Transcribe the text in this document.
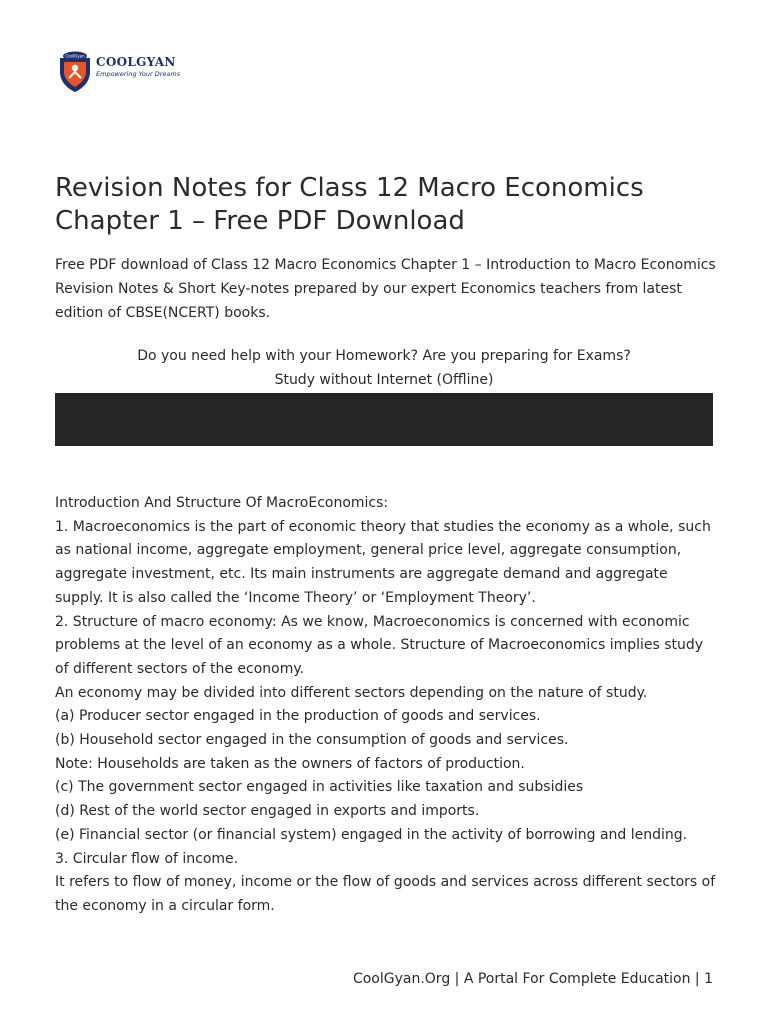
CoolGyan COOLGYAN
Empowering Your Dreams
Revision Notes for Class 12 Macro Economics Chapter 1 – Free PDF Download

Free PDF download of Class 12 Macro Economics Chapter 1 – Introduction to Macro Economics Revision Notes & Short Key-notes prepared by our expert Economics teachers from latest edition of CBSE(NCERT) books.

Do you need help with your Homework? Are you preparing for Exams?

Study without Internet (Offline)

Introduction And Structure Of MacroEconomics:

1. Macroeconomics is the part of economic theory that studies the economy as a whole, such as national income, aggregate employment, general price level, aggregate consumption, aggregate investment, etc. Its main instruments are aggregate demand and aggregate supply. It is also called the ‘Income Theory’ or ‘Employment Theory’.

2. Structure of macro economy: As we know, Macroeconomics is concerned with economic problems at the level of an economy as a whole. Structure of Macroeconomics implies study of different sectors of the economy.

An economy may be divided into different sectors depending on the nature of study.

(a) Producer sector engaged in the production of goods and services.

(b) Household sector engaged in the consumption of goods and services.

Note: Households are taken as the owners of factors of production.

(c) The government sector engaged in activities like taxation and subsidies

(d) Rest of the world sector engaged in exports and imports.

(e) Financial sector (or financial system) engaged in the activity of borrowing and lending.

3. Circular flow of income.

It refers to flow of money, income or the flow of goods and services across different sectors of the economy in a circular form.

CoolGyan.Org | A Portal For Complete Education | 1
